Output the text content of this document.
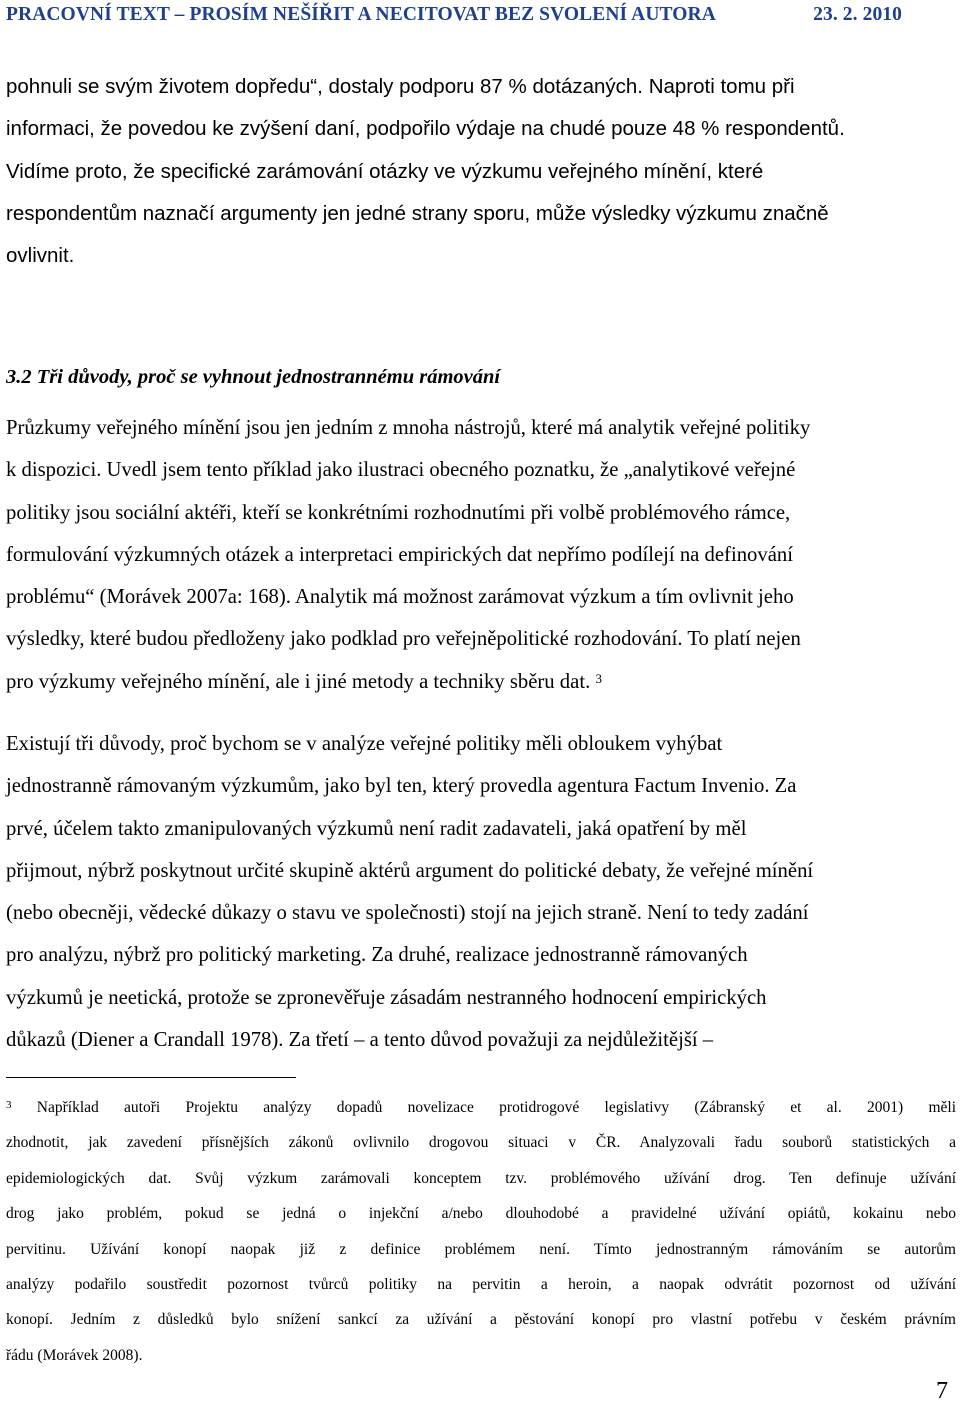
PRACOVNÍ TEXT – PROSÍM NEŠÍŘIT A NECITOVAT BEZ SVOLENÍ AUTORA	23. 2. 2010
pohnuli se svým životem dopředu“, dostaly podporu 87 % dotázaných. Naproti tomu při
informaci, že povedou ke zvýšení daní, podpořilo výdaje na chudé pouze 48 % respondentů.
Vidíme proto, že specifické zarámování otázky ve výzkumu veřejného mínění, které
respondentům naznačí argumenty jen jedné strany sporu, může výsledky výzkumu značně
ovlivnit.
3.2 Tři důvody, proč se vyhnout jednostrannému rámování
Průzkumy veřejného mínění jsou jen jedním z mnoha nástrojů, které má analytik veřejné politiky
k dispozici. Uvedl jsem tento příklad jako ilustraci obecného poznatku, že „analytikové veřejné
politiky jsou sociální aktéři, kteří se konkrétními rozhodnutími při volbě problémového rámce,
formulování výzkumných otázek a interpretaci empirických dat nepřímo podílejí na definování
problému“ (Morávek 2007a: 168). Analytik má možnost zarámovat výzkum a tím ovlivnit jeho
výsledky, které budou předloženy jako podklad pro veřejněpolitické rozhodování. To platí nejen
pro výzkumy veřejného mínění, ale i jiné metody a techniky sběru dat. $^3$
Existují tři důvody, proč bychom se v analýze veřejné politiky měli obloukem vyhýbat
jednostranně rámovaným výzkumům, jako byl ten, který provedla agentura Factum Invenio. Za
prvé, účelem takto zmanipulovaných výzkumů není radit zadavateli, jaká opatření by měl
přijmout, nýbrž poskytnout určité skupině aktérů argument do politické debaty, že veřejné mínění
(nebo obecněji, vědecké důkazy o stavu ve společnosti) stojí na jejich straně. Není to tedy zadání
pro analýzu, nýbrž pro politický marketing. Za druhé, realizace jednostranně rámovaných
výzkumů je neetická, protože se zpronevěřuje zásadám nestranného hodnocení empirických
důkazů (Diener a Crandall 1978). Za třetí – a tento důvod považuji za nejdůležitější –
$^3$ Například autoři Projektu analýzy dopadů novelizace protidrogové legislativy (Zábranský et al. 2001) měli
zhodnotit, jak zavedení přísnějších zákonů ovlivnilo drogovou situaci v ČR. Analyzovali řadu souborů statistických a
epidemiologických dat. Svůj výzkum zarámovali konceptem tzv. problémového užívání drog. Ten definuje užívání
drog jako problém, pokud se jedná o injekční a/nebo dlouhodobé a pravidelné užívání opiátů, kokainu nebo
pervitinu. Užívání konopí naopak již z definice problémem není. Tímto jednostranným rámováním se autorům
analýzy podařilo soustředit pozornost tvůrců politiky na pervitin a heroin, a naopak odvrátit pozornost od užívání
konopí. Jedním z důsledků bylo snížení sankcí za užívání a pěstování konopí pro vlastní potřebu v českém právním
řádu (Morávek 2008).
7
